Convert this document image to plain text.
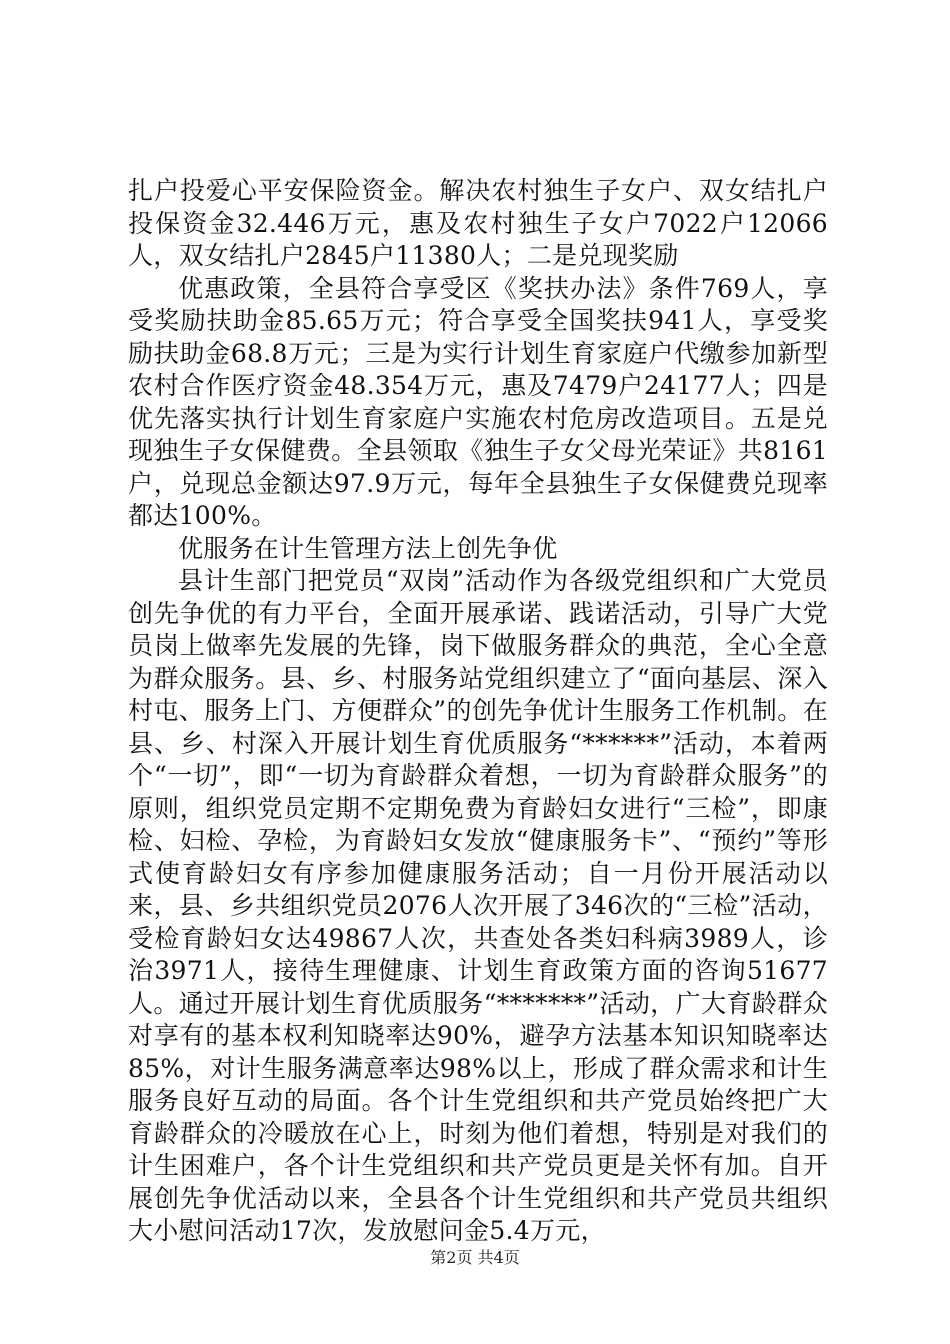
扎户投爱心平安保险资金。解决农村独生子女户、双女结扎户投保资金32.446万元，惠及农村独生子女户7022户12066人，双女结扎户2845户11380人；二是兑现奖励

优惠政策，全县符合享受区《奖扶办法》条件769人，享受奖励扶助金85.65万元；符合享受全国奖扶941人，享受奖励扶助金68.8万元；三是为实行计划生育家庭户代缴参加新型农村合作医疗资金48.354万元，惠及7479户24177人；四是优先落实执行计划生育家庭户实施农村危房改造项目。五是兑现独生子女保健费。全县领取《独生子女父母光荣证》共8161户，兑现总金额达97.9万元，每年全县独生子女保健费兑现率都达100%。

优服务在计生管理方法上创先争优

县计生部门把党员“双岗”活动作为各级党组织和广大党员创先争优的有力平台，全面开展承诺、践诺活动，引导广大党员岗上做率先发展的先锋，岗下做服务群众的典范，全心全意为群众服务。县、乡、村服务站党组织建立了“面向基层、深入村屯、服务上门、方便群众”的创先争优计生服务工作机制。在县、乡、村深入开展计划生育优质服务“******”活动，本着两个“一切”，即“一切为育龄群众着想，一切为育龄群众服务”的原则，组织党员定期不定期免费为育龄妇女进行“三检”，即康检、妇检、孕检，为育龄妇女发放“健康服务卡”、“预约”等形式使育龄妇女有序参加健康服务活动；自一月份开展活动以来，县、乡共组织党员2076人次开展了346次的“三检”活动，受检育龄妇女达49867人次，共查处各类妇科病3989人，诊治3971人，接待生理健康、计划生育政策方面的咨询51677人。通过开展计划生育优质服务“*******”活动，广大育龄群众对享有的基本权利知晓率达90%，避孕方法基本知识知晓率达85%，对计生服务满意率达98%以上，形成了群众需求和计生服务良好互动的局面。各个计生党组织和共产党员始终把广大育龄群众的冷暖放在心上，时刻为他们着想，特别是对我们的计生困难户，各个计生党组织和共产党员更是关怀有加。自开展创先争优活动以来，全县各个计生党组织和共产党员共组织大小慰问活动17次，发放慰问金5.4万元，

第2页 共4页
